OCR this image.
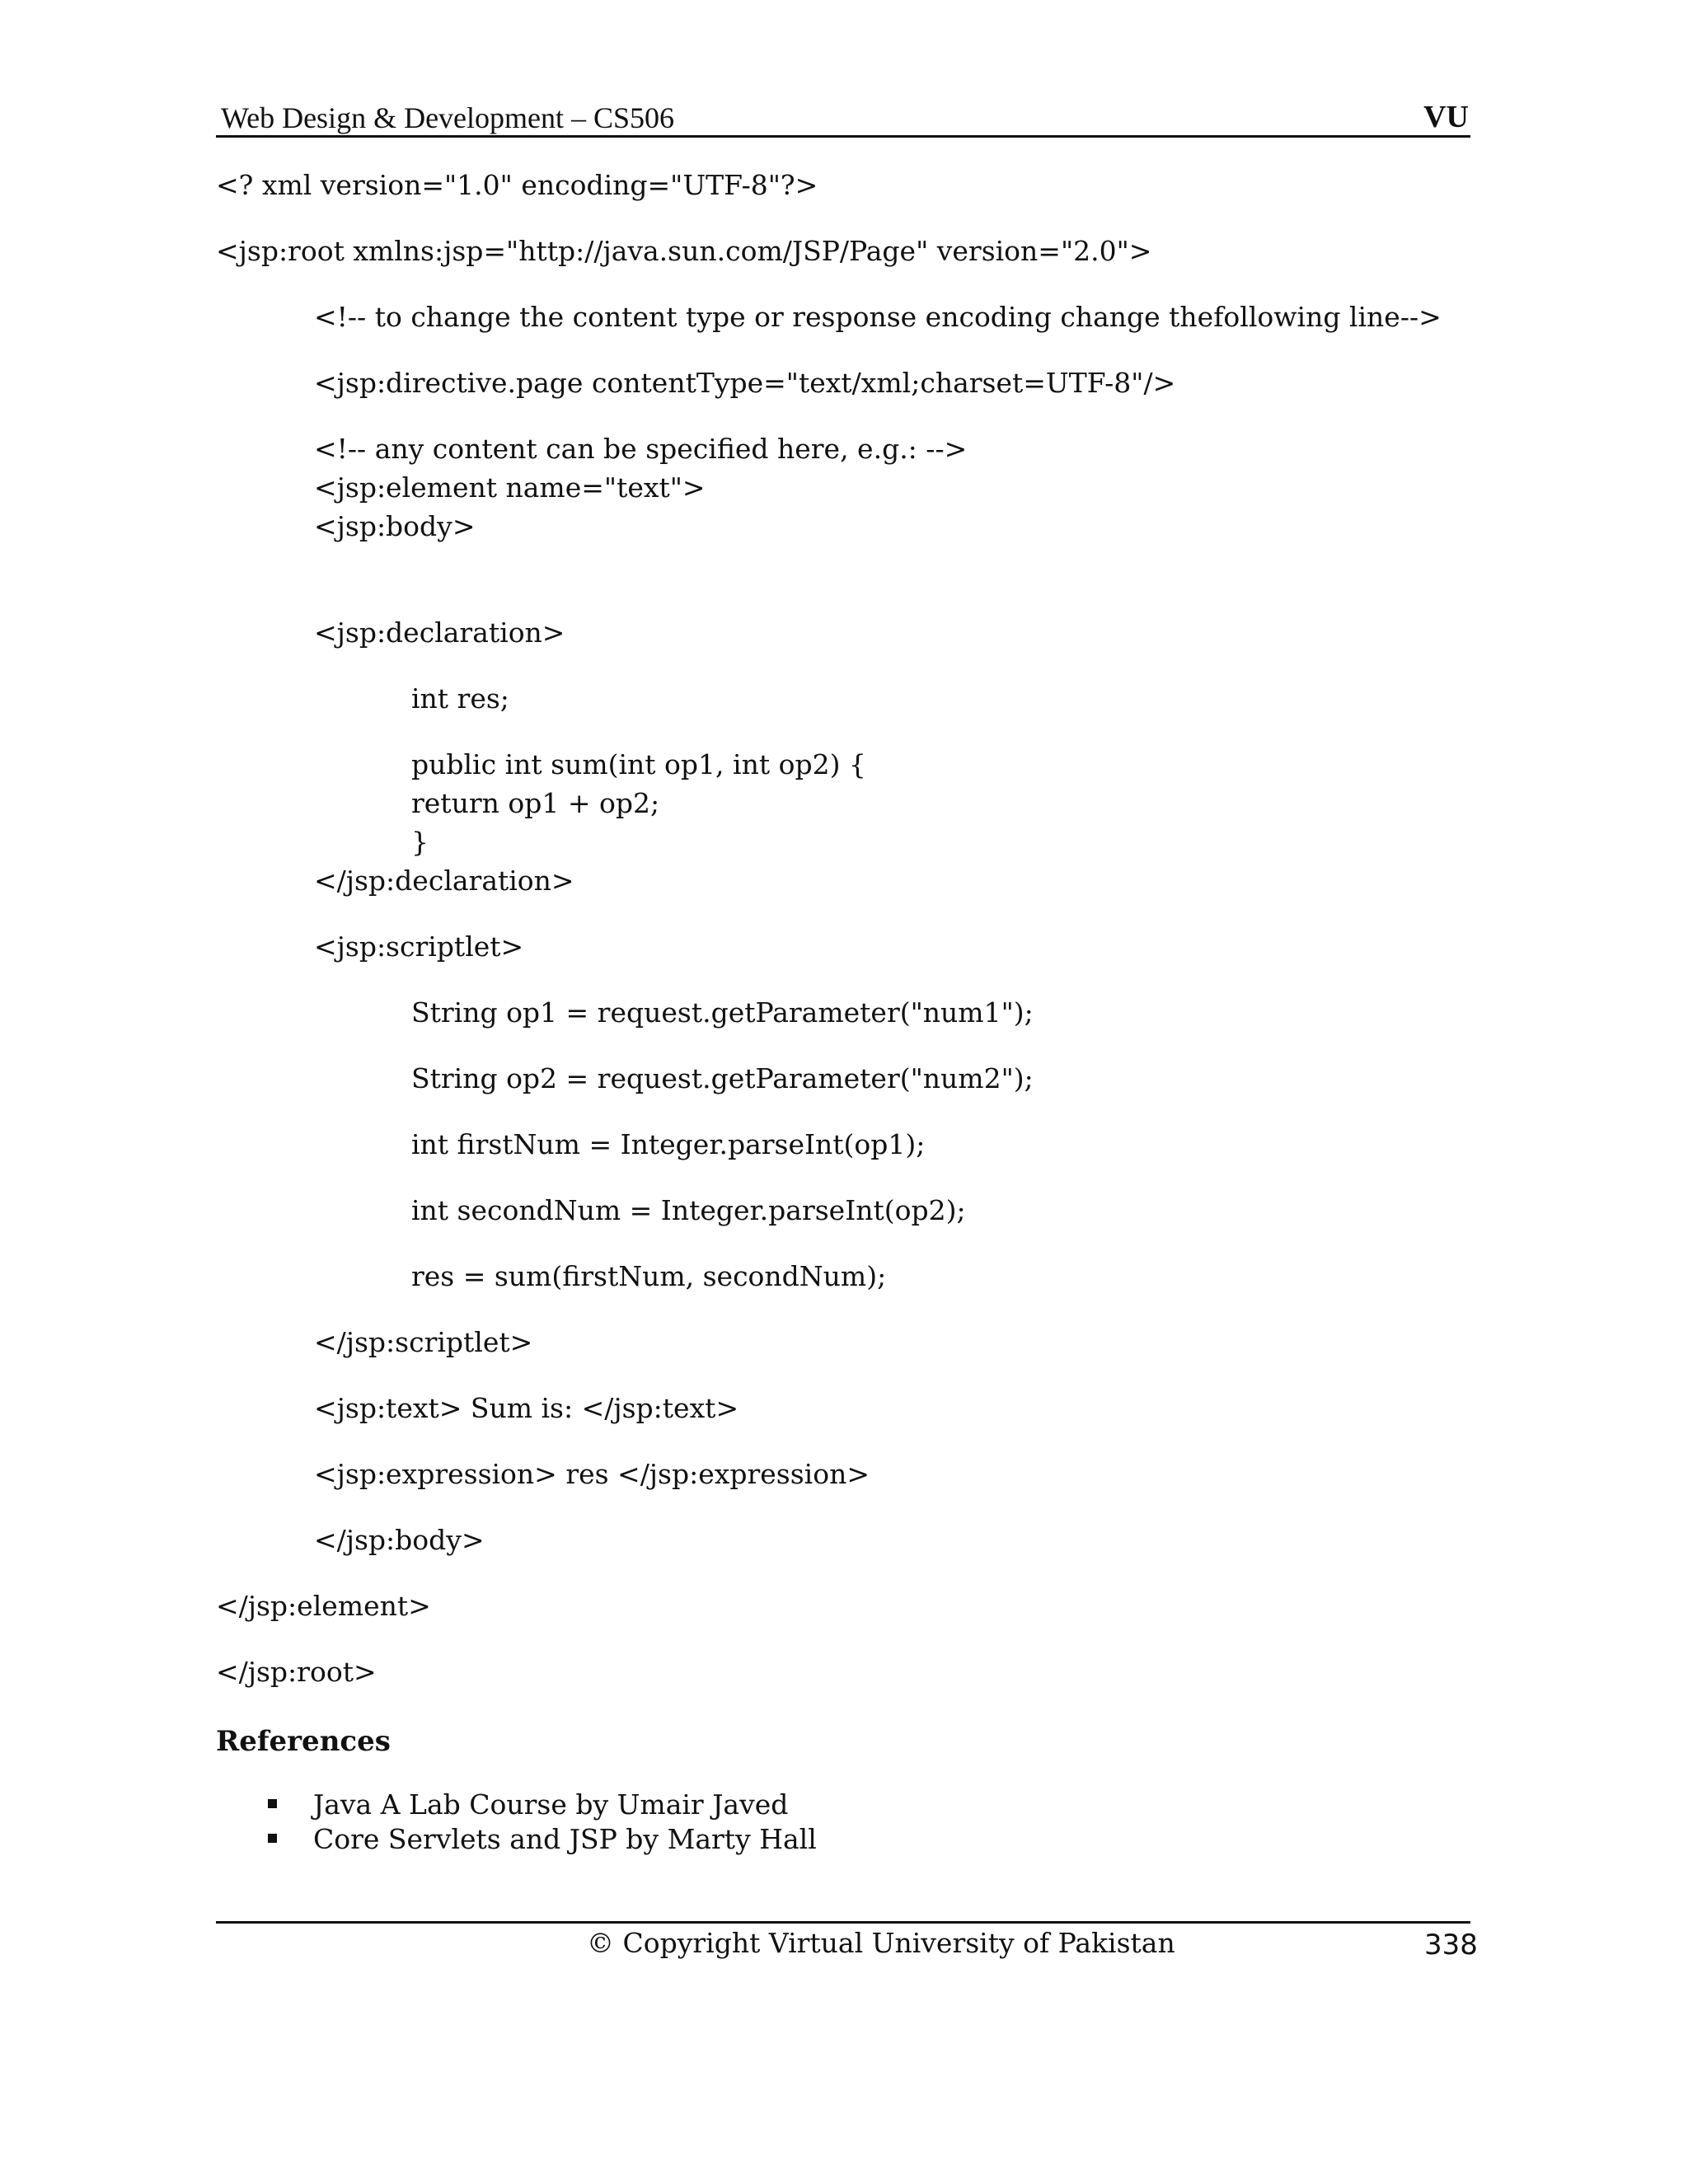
Web Design & Development – CS506	VU
<? xml version="1.0" encoding="UTF-8"?>
<jsp:root xmlns:jsp="http://java.sun.com/JSP/Page" version="2.0">
<!-- to change the content type or response encoding change thefollowing line-->
<jsp:directive.page contentType="text/xml;charset=UTF-8"/>
<!-- any content can be specified here, e.g.: -->
<jsp:element name="text">
<jsp:body>
<jsp:declaration>
int res;
public int sum(int op1, int op2) {
return op1 + op2;
}
</jsp:declaration>
<jsp:scriptlet>
String op1 = request.getParameter("num1");
String op2 = request.getParameter("num2");
int firstNum = Integer.parseInt(op1);
int secondNum = Integer.parseInt(op2);
res = sum(firstNum, secondNum);
</jsp:scriptlet>
<jsp:text> Sum is: </jsp:text>
<jsp:expression> res </jsp:expression>
</jsp:body>
</jsp:element>
</jsp:root>
References
Java A Lab Course by Umair Javed
Core Servlets and JSP by Marty Hall
© Copyright Virtual University of Pakistan	338
